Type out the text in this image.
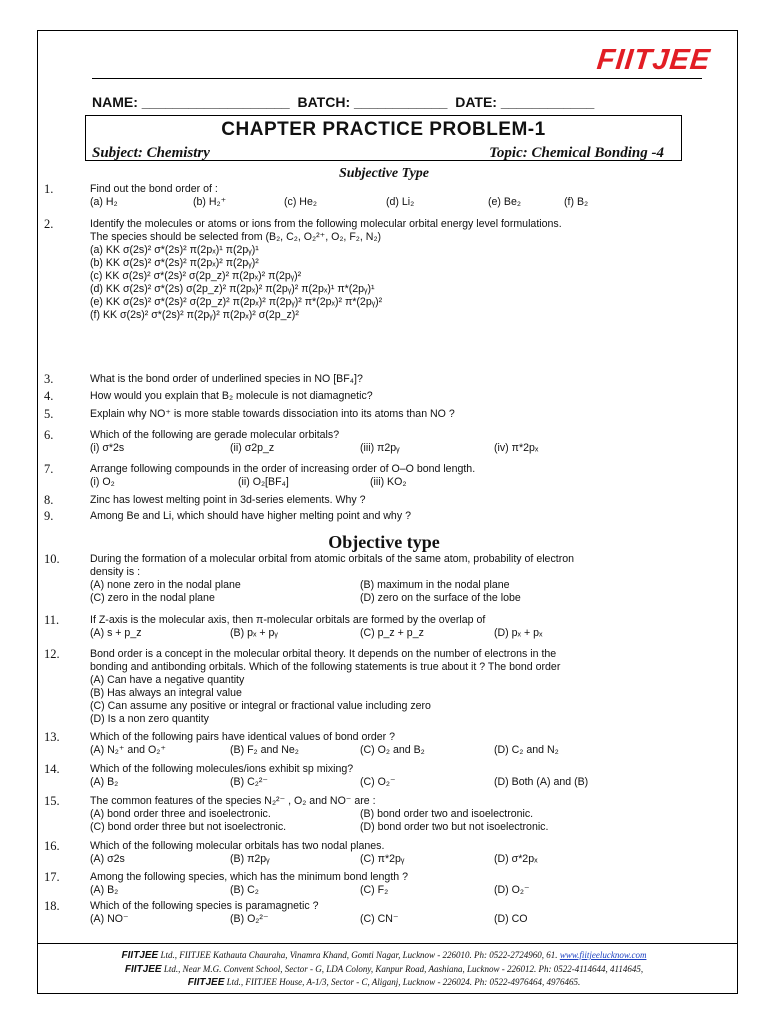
FIITJEE
NAME: ___________________  BATCH: ____________  DATE: ____________
CHAPTER PRACTICE PROBLEM-1
Subject: Chemistry	Topic: Chemical Bonding -4
Subjective Type
Objective type
1.	Find out the bond order of :
(a) H₂	(b) H₂⁺	(c) He₂	(d) Li₂	(e) Be₂	(f) B₂
2.	Identify the molecules or atoms or ions from the following molecular orbital energy level formulations.
The species should be selected from (B₂, C₂, O₂²⁺, O₂, F₂, N₂)
(a) KK σ(2s)² σ*(2s)² π(2pₓ)¹ π(2pᵧ)¹
(b) KK σ(2s)² σ*(2s)² π(2pₓ)² π(2pᵧ)²
(c) KK σ(2s)² σ*(2s)² σ(2p_z)² π(2pₓ)² π(2pᵧ)²
(d) KK σ(2s)² σ*(2s) σ(2p_z)² π(2pₓ)² π(2pᵧ)² π(2pₓ)¹ π*(2pᵧ)¹
(e) KK σ(2s)² σ*(2s)² σ(2p_z)² π(2pₓ)² π(2pᵧ)² π*(2pₓ)² π*(2pᵧ)²
(f) KK σ(2s)² σ*(2s)² π(2pᵧ)² π(2pₓ)² σ(2p_z)²
3.	What is the bond order of underlined species in NO [BF₄]?
4.	How would you explain that B₂ molecule is not diamagnetic?
5.	Explain why NO⁺ is more stable towards dissociation into its atoms than NO ?
6.	Which of the following are gerade molecular orbitals?
(i) σ*2s	(ii) σ2p_z	(iii) π2pᵧ	(iv) π*2pₓ
7.	Arrange following compounds in the order of increasing order of O–O bond length.
(i) O₂	(ii) O₂[BF₄]	(iii) KO₂
8.	Zinc has lowest melting point in 3d-series elements. Why ?
9.	Among Be and Li, which should have higher melting point and why ?
10.	During the formation of a molecular orbital from atomic orbitals of the same atom, probability of electron
density is :
(A) none zero in the nodal plane	(B) maximum in the nodal plane
(C) zero in the nodal plane	(D) zero on the surface of the lobe
11.	If Z-axis is the molecular axis, then π-molecular orbitals are formed by the overlap of
(A) s + p_z	(B) pₓ + pᵧ	(C) p_z + p_z	(D) pₓ + pₓ
12.	Bond order is a concept in the molecular orbital theory. It depends on the number of electrons in the
bonding and antibonding orbitals. Which of the following statements is true about it ? The bond order
(A) Can have a negative quantity
(B) Has always an integral value
(C) Can assume any positive or integral or fractional value including zero
(D) Is a non zero quantity
13.	Which of the following pairs have identical values of bond order ?
(A) N₂⁺ and O₂⁺	(B) F₂ and Ne₂	(C) O₂ and B₂	(D) C₂ and N₂
14.	Which of the following molecules/ions exhibit sp mixing?
(A) B₂	(B) C₂²⁻	(C) O₂⁻	(D) Both (A) and (B)
15.	The common features of the species N₂²⁻ , O₂ and NO⁻ are :
(A) bond order three and isoelectronic.	(B) bond order two and isoelectronic.
(C) bond order three but not isoelectronic.	(D) bond order two but not isoelectronic.
16.	Which of the following molecular orbitals has two nodal planes.
(A) σ2s	(B) π2pᵧ	(C) π*2pᵧ	(D) σ*2pₓ
17.	Among the following species, which has the minimum bond length ?
(A) B₂	(B) C₂	(C) F₂	(D) O₂⁻
18.	Which of the following species is paramagnetic ?
(A) NO⁻	(B) O₂²⁻	(C) CN⁻	(D) CO
FIITJEE Ltd., FIITJEE Kathauta Chauraha, Vinamra Khand, Gomti Nagar, Lucknow - 226010. Ph: 0522-2724960, 61. www.fiitjeelucknow.com
FIITJEE Ltd., Near M.G. Convent School, Sector - G, LDA Colony, Kanpur Road, Aashiana, Lucknow - 226012. Ph: 0522-4114644, 4114645,
FIITJEE Ltd., FIITJEE House, A-1/3, Sector - C, Aliganj, Lucknow - 226024. Ph: 0522-4976464, 4976465.
